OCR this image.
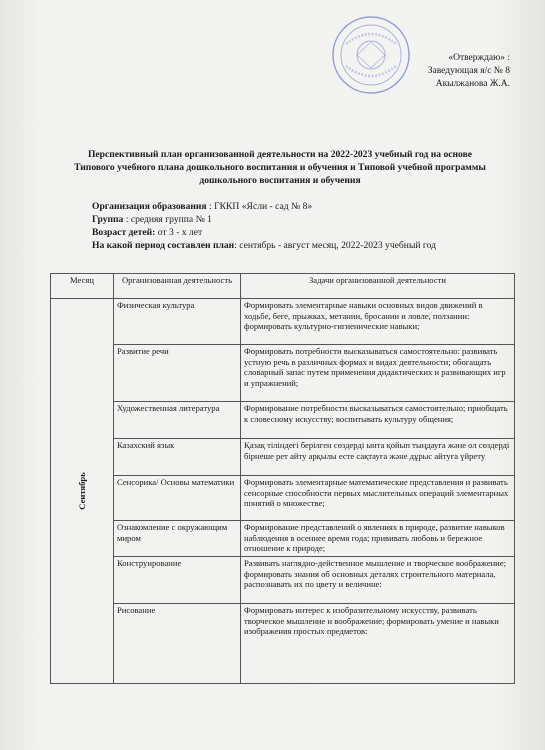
«Отверждаю» :
Заведующая я/с № 8
Акылжанова Ж.А.
Перспективный план организованной деятельности на 2022-2023 учебный год на основе Типового учебного плана дошкольного воспитания и обучения и Типовой учебной программы дошкольного воспитания и обучения
Организация образования : ГККП «Ясли - сад № 8»
Группа : средняя группа № 1
Возраст детей: от 3 - х лет
На какой период составлен план: сентябрь - август месяц, 2022-2023 учебный год
Месяц	Организованная деятельность	Задачи организованной деятельности

Сентябрь	Физическая культура	Формировать элементарные навыки основных видов движений в ходьбе, беге, прыжках, метании, бросании и ловле, ползании: формировать культурно-гигиенические навыки;
	Развитие речи	Формировать потребности высказываться самостоятельно: развивать устную речь в различных формах и видах деятельности; обогащать словарный запас путем применения дидактических и развивающих игр и упражнений;
	Художественная литература	Формирование потребности высказываться самостоятельно; приобщать к словесному искусству; воспитывать культуру общения;
	Казахский язык	Қазақ тіліндегі берілген сөздерді ынта қойып тыңдауға және ол сөздерді бірнеше рет айту арқылы есте сақтауға және дұрыс айтуға үйрету
	Сенсорика/ Основы математики	Формировать элементарные математические представления и развивать сенсорные способности первых мыслительных операций элементарных понятий о множестве;
	Ознакомление с окружающим миром	Формирование представлений о явлениях в природе, развитие навыков наблюдения в осеннее время года; прививать любовь и бережное отношение к природе;
	Конструирование	Развивать наглядно-действенное мышление и творческое воображение; формировать знания об основных деталях строительного материала, распознавать их по цвету и величине:
	Рисование	Формировать интерес к изобразительному искусству, развивать творческое мышление и воображение; формировать умение и навыки изображения простых предметов:
